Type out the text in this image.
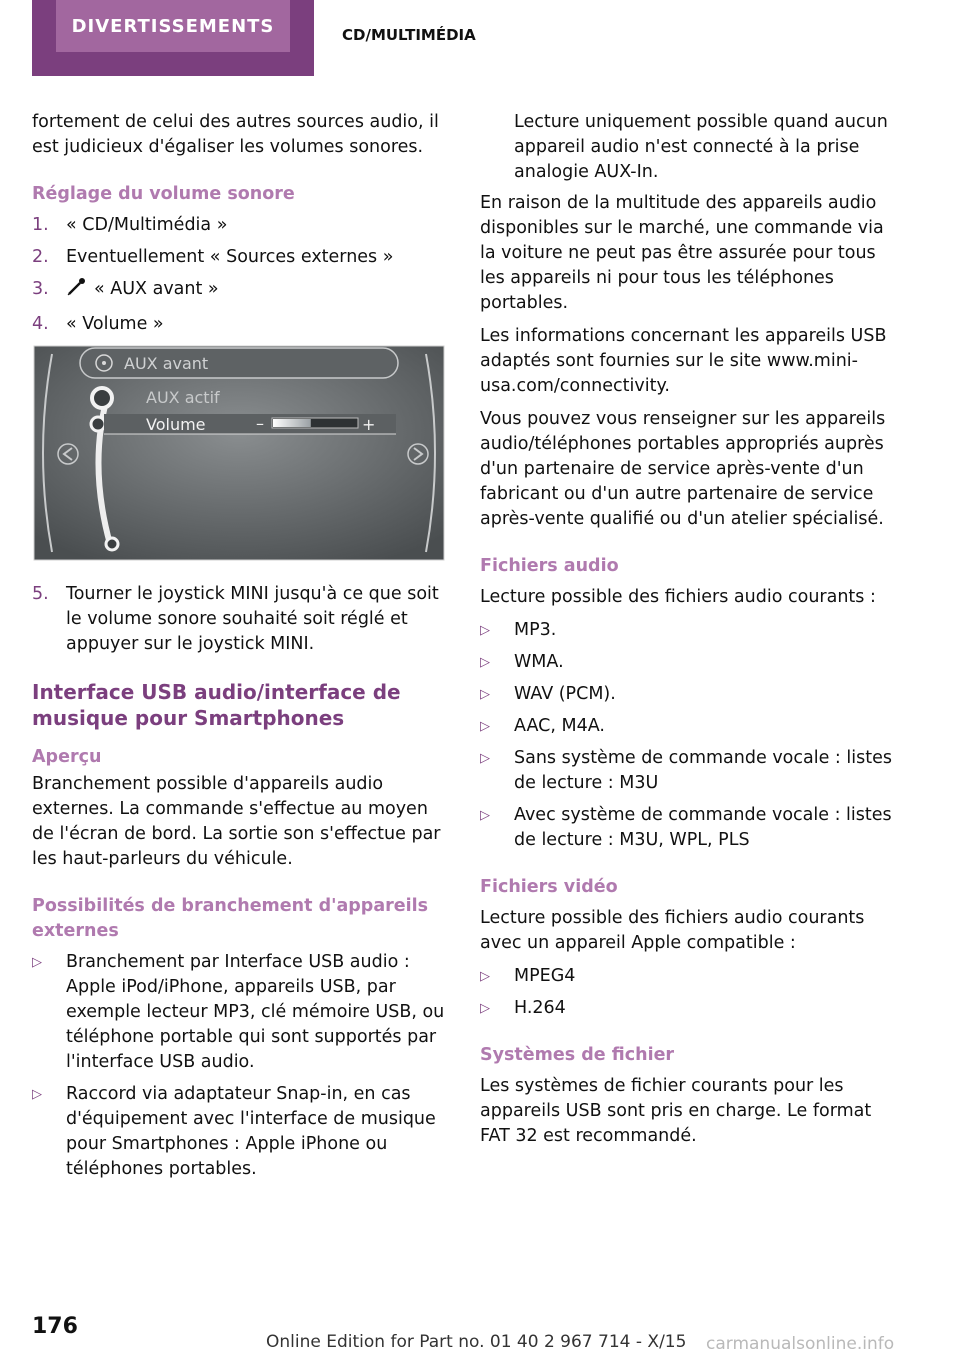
DIVERTISSEMENTS	CD/MULTIMÉDIA

fortement de celui des autres sources audio, il est judicieux d'égaliser les volumes sonores.

Réglage du volume sonore
1. « CD/Multimédia »
2. Eventuellement « Sources externes »
3.	« AUX avant »
4. « Volume »
AUX avant
AUX actif
Volume	–	+
5. Tourner le joystick MINI jusqu'à ce que soit le volume sonore souhaité soit réglé et appuyer sur le joystick MINI.
Interface USB audio/interface de musique pour Smartphones
Aperçu

Branchement possible d'appareils audio externes. La commande s'effectue au moyen de l'écran de bord. La sortie son s'effectue par les haut-parleurs du véhicule.

Possibilités de branchement d'appareils externes
▷	Branchement par Interface USB audio : Apple iPod/iPhone, appareils USB, par exemple lecteur MP3, clé mémoire USB, ou téléphone portable qui sont supportés par l'interface USB audio.
▷	Raccord via adaptateur Snap-in, en cas d'équipement avec l'interface de musique pour Smartphones : Apple iPhone ou téléphones portables.

Lecture uniquement possible quand aucun appareil audio n'est connecté à la prise analogie AUX-In.

En raison de la multitude des appareils audio disponibles sur le marché, une commande via la voiture ne peut pas être assurée pour tous les appareils ni pour tous les téléphones portables.

Les informations concernant les appareils USB adaptés sont fournies sur le site www.miniusa.com/connectivity.

Vous pouvez vous renseigner sur les appareils audio/téléphones portables appropriés auprès d'un partenaire de service après-vente d'un fabricant ou d'un autre partenaire de service après-vente qualifié ou d'un atelier spécialisé.

Fichiers audio

Lecture possible des fichiers audio courants :

▷	MP3.
▷	WMA.
▷	WAV (PCM).
▷	AAC, M4A.
▷	Sans système de commande vocale : listes de lecture : M3U
▷	Avec système de commande vocale : listes de lecture : M3U, WPL, PLS
Fichiers vidéo

Lecture possible des fichiers audio courants avec un appareil Apple compatible :

▷	MPEG4
▷	H.264
Systèmes de fichier

Les systèmes de fichier courants pour les appareils USB sont pris en charge. Le format FAT 32 est recommandé.

176
Online Edition for Part no. 01 40 2 967 714 - X/15 carmanualsonline.info
